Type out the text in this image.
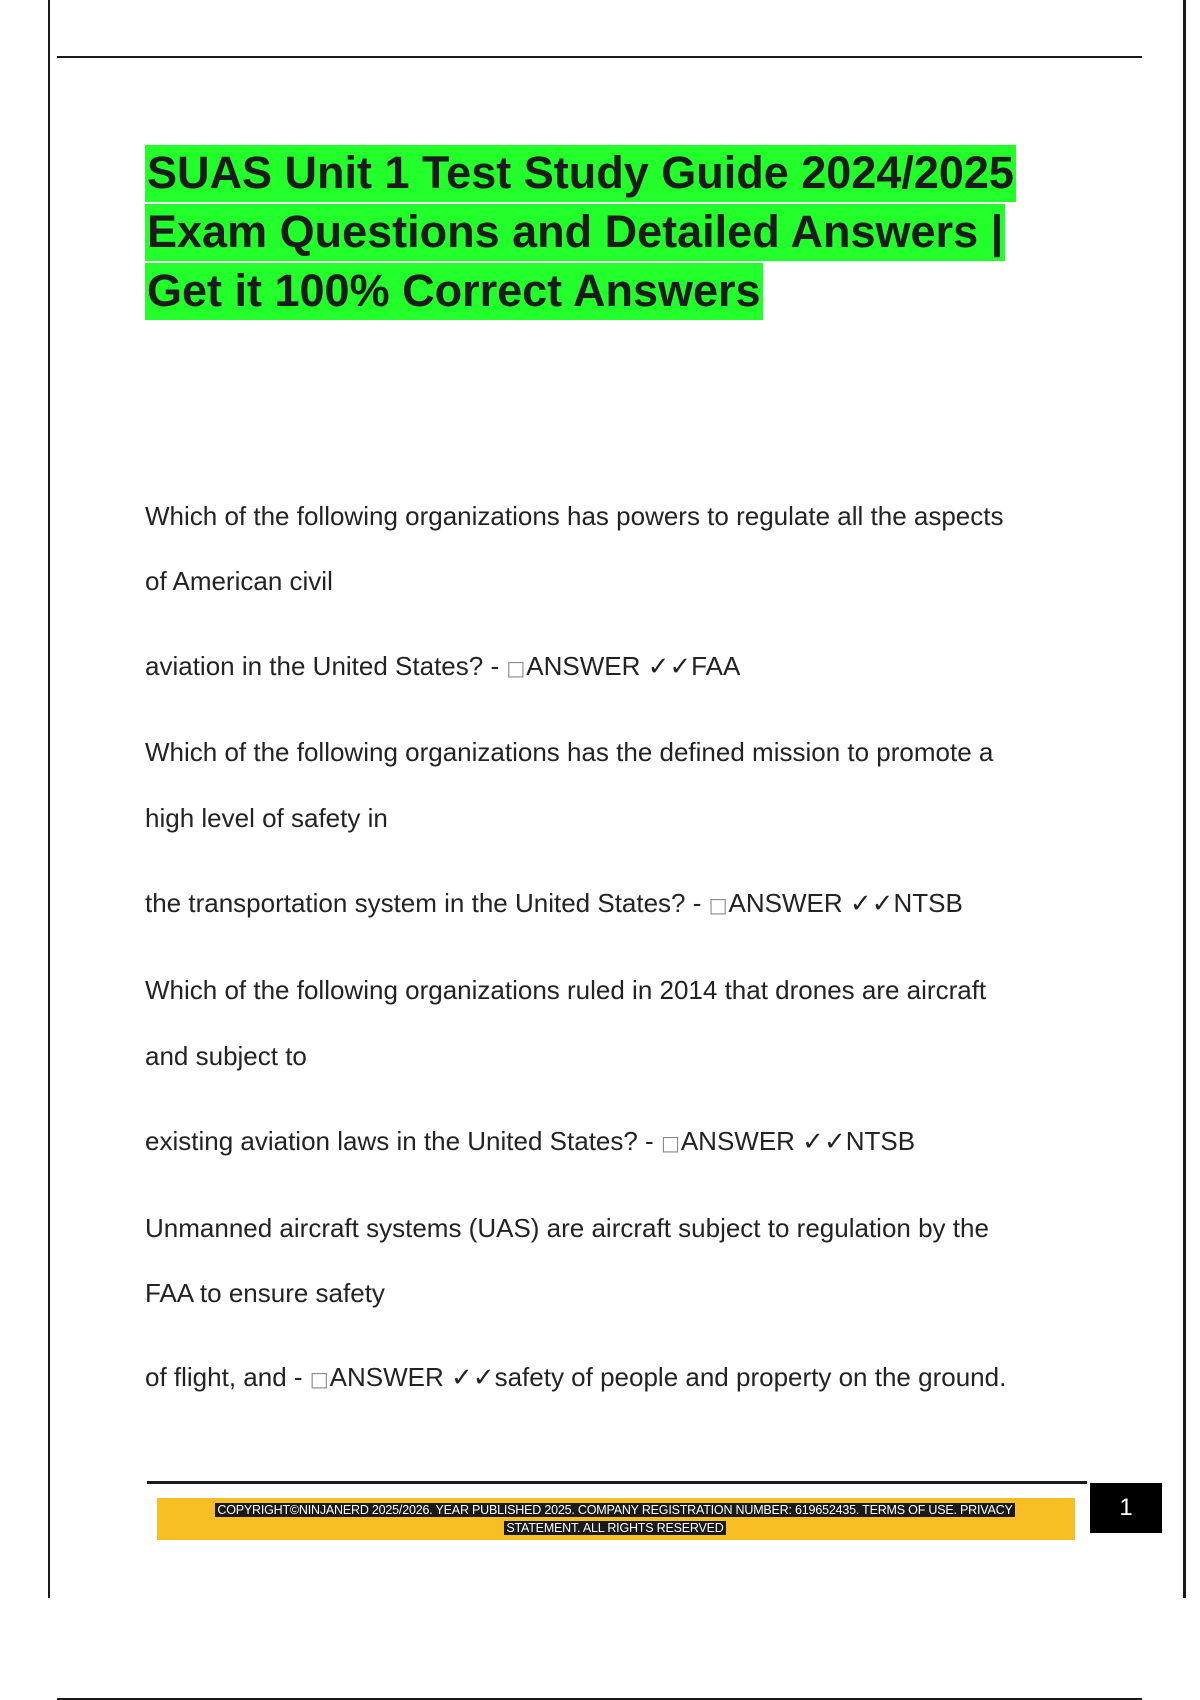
SUAS Unit 1 Test Study Guide 2024/2025
Exam Questions and Detailed Answers |
Get it 100% Correct Answers

Which of the following organizations has powers to regulate all the aspects

of American civil

aviation in the United States? - □ANSWER ✓✓FAA

Which of the following organizations has the defined mission to promote a

high level of safety in

the transportation system in the United States? - □ANSWER ✓✓NTSB

Which of the following organizations ruled in 2014 that drones are aircraft

and subject to

existing aviation laws in the United States? - □ANSWER ✓✓NTSB

Unmanned aircraft systems (UAS) are aircraft subject to regulation by the

FAA to ensure safety

of flight, and - □ANSWER ✓✓safety of people and property on the ground.

COPYRIGHT©NINJANERD 2025/2026. YEAR PUBLISHED 2025. COMPANY REGISTRATION NUMBER: 619652435. TERMS OF USE. PRIVACY
STATEMENT. ALL RIGHTS RESERVED
1
